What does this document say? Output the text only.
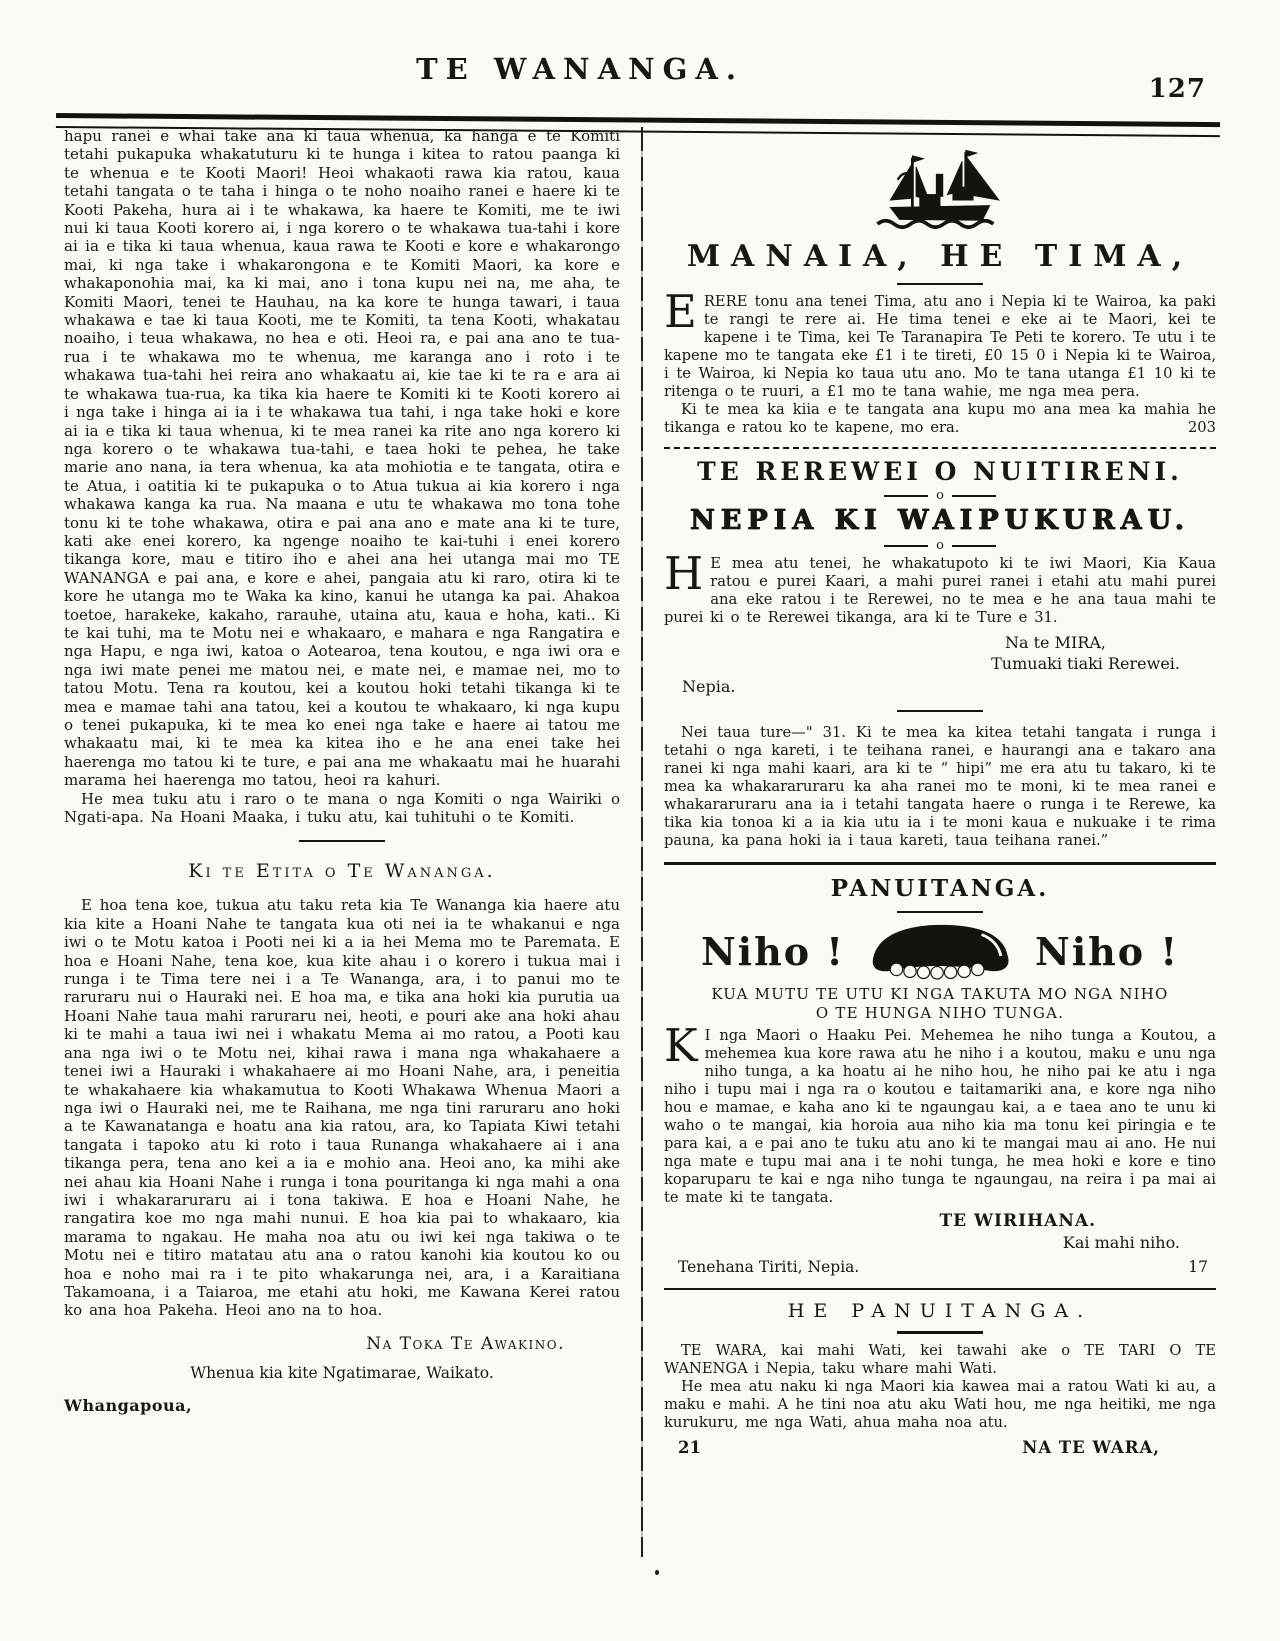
TE WANANGA.
127

hapu ranei e whai take ana ki taua whenua, ka hanga e te Komiti tetahi pukapuka whakatuturu ki te hunga i kitea to ratou paanga ki te whenua e te Kooti Maori! Heoi whakaoti rawa kia ratou, kaua tetahi tangata o te taha i hinga o te noho noaiho ranei e haere ki te Kooti Pakeha, hura ai i te whakawa, ka haere te Komiti, me te iwi nui ki taua Kooti korero ai, i nga korero o te whakawa tua-tahi i kore ai ia e tika ki taua whenua, kaua rawa te Kooti e kore e whakarongo mai, ki nga take i whakarongona e te Komiti Maori, ka kore e whakaponohia mai, ka ki mai, ano i tona kupu nei na, me aha, te Komiti Maori, tenei te Hauhau, na ka kore te hunga tawari, i taua whakawa e tae ki taua Kooti, me te Komiti, ta tena Kooti, whakatau noaiho, i teua whakawa, no hea e oti. Heoi ra, e pai ana ano te tua-rua i te whakawa mo te whenua, me karanga ano i roto i te whakawa tua-tahi hei reira ano whakaatu ai, kie tae ki te ra e ara ai te whakawa tua-rua, ka tika kia haere te Komiti ki te Kooti korero ai i nga take i hinga ai ia i te whakawa tua tahi, i nga take hoki e kore ai ia e tika ki taua whenua, ki te mea ranei ka rite ano nga korero ki nga korero o te whakawa tua-tahi, e taea hoki te pehea, he take marie ano nana, ia tera whenua, ka ata mohiotia e te tangata, otira e te Atua, i oatitia ki te pukapuka o to Atua tukua ai kia korero i nga whakawa kanga ka rua. Na maana e utu te whakawa mo tona tohe tonu ki te tohe whakawa, otira e pai ana ano e mate ana ki te ture, kati ake enei korero, ka ngenge noaiho te kai-tuhi i enei korero tikanga kore, mau e titiro iho e ahei ana hei utanga mai mo TE WANANGA e pai ana, e kore e ahei, pangaia atu ki raro, otira ki te kore he utanga mo te Waka ka kino, kanui he utanga ka pai. Ahakoa toetoe, harakeke, kakaho, rarauhe, utaina atu, kaua e hoha, kati.. Ki te kai tuhi, ma te Motu nei e whakaaro, e mahara e nga Rangatira e nga Hapu, e nga iwi, katoa o Aotearoa, tena koutou, e nga iwi ora e nga iwi mate penei me matou nei, e mate nei, e mamae nei, mo to tatou Motu. Tena ra koutou, kei a koutou hoki tetahi tikanga ki te mea e mamae tahi ana tatou, kei a koutou te whakaaro, ki nga kupu o tenei pukapuka, ki te mea ko enei nga take e haere ai tatou me whakaatu mai, ki te mea ka kitea iho e he ana enei take hei haerenga mo tatou ki te ture, e pai ana me whakaatu mai he huarahi marama hei haerenga mo tatou, heoi ra kahuri.

He mea tuku atu i raro o te mana o nga Komiti o nga Wairiki o Ngati-apa. Na Hoani Maaka, i tuku atu, kai tuhituhi o te Komiti.

Ki te Etita o Te Wananga.

E hoa tena koe, tukua atu taku reta kia Te Wananga kia haere atu kia kite a Hoani Nahe te tangata kua oti nei ia te whakanui e nga iwi o te Motu katoa i Pooti nei ki a ia hei Mema mo te Paremata. E hoa e Hoani Nahe, tena koe, kua kite ahau i o korero i tukua mai i runga i te Tima tere nei i a Te Wananga, ara, i to panui mo te raruraru nui o Hauraki nei. E hoa ma, e tika ana hoki kia purutia ua Hoani Nahe taua mahi raruraru nei, heoti, e pouri ake ana hoki ahau ki te mahi a taua iwi nei i whakatu Mema ai mo ratou, a Pooti kau ana nga iwi o te Motu nei, kihai rawa i mana nga whakahaere a tenei iwi a Hauraki i whakahaere ai mo Hoani Nahe, ara, i peneitia te whakahaere kia whakamutua to Kooti Whakawa Whenua Maori a nga iwi o Hauraki nei, me te Raihana, me nga tini raruraru ano hoki a te Kawanatanga e hoatu ana kia ratou, ara, ko Tapiata Kiwi tetahi tangata i tapoko atu ki roto i taua Runanga whakahaere ai i ana tikanga pera, tena ano kei a ia e mohio ana. Heoi ano, ka mihi ake nei ahau kia Hoani Nahe i runga i tona pouritanga ki nga mahi a ona iwi i whakararuraru ai i tona takiwa. E hoa e Hoani Nahe, he rangatira koe mo nga mahi nunui. E hoa kia pai to whakaaro, kia marama to ngakau. He maha noa atu ou iwi kei nga takiwa o te Motu nei e titiro matatau atu ana o ratou kanohi kia koutou ko ou hoa e noho mai ra i te pito whakarunga nei, ara, i a Karaitiana Takamoana, i a Taiaroa, me etahi atu hoki, me Kawana Kerei ratou ko ana hoa Pakeha. Heoi ano na to hoa.

Na Toka Te Awakino.

Whenua kia kite Ngatimarae, Waikato.

Whangapoua,

MANAIA, HE TIMA,

ERERE tonu ana tenei Tima, atu ano i Nepia ki te Wairoa, ka paki te rangi te rere ai. He tima tenei e eke ai te Maori, kei te kapene i te Tima, kei Te Taranapira Te Peti te korero. Te utu i te kapene mo te tangata eke £1 i te tireti, £0 15 0 i Nepia ki te Wairoa, i te Wairoa, ki Nepia ko taua utu ano. Mo te tana utanga £1 10 ki te ritenga o te ruuri, a £1 mo te tana wahie, me nga mea pera.

Ki te mea ka kiia e te tangata ana kupu mo ana mea ka mahia he tikanga e ratou ko te kapene, mo era.	203

TE REREWEI O NUITIRENI.
o
NEPIA KI WAIPUKURAU.
o

H E mea atu tenei, he whakatupoto ki te iwi Maori, Kia Kaua ratou e purei Kaari, a mahi purei ranei i etahi atu mahi purei ana eke ratou i te Rerewei, no te mea e he ana taua mahi te purei ki o te Rerewei tikanga, ara ki te Ture e 31.

Na te MIRA,

Tumuaki tiaki Rerewei.

Nepia.

Nei taua ture—" 31. Ki te mea ka kitea tetahi tangata i runga i tetahi o nga kareti, i te teihana ranei, e haurangi ana e takaro ana ranei ki nga mahi kaari, ara ki te “ hipi” me era atu tu takaro, ki te mea ka whakararuraru ka aha ranei mo te moni, ki te mea ranei e whakararuraru ana ia i tetahi tangata haere o runga i te Rerewe, ka tika kia tonoa ki a ia kia utu ia i te moni kaua e nukuake i te rima pauna, ka pana hoki ia i taua kareti, taua teihana ranei.”

PANUITANGA.
Niho !	Niho !
KUA MUTU TE UTU KI NGA TAKUTA MO NGA NIHO
O TE HUNGA NIHO TUNGA.

K I nga Maori o Haaku Pei. Mehemea he niho tunga a Koutou, a mehemea kua kore rawa atu he niho i a koutou, maku e unu nga niho tunga, a ka hoatu ai he niho hou, he niho pai ke atu i nga niho i tupu mai i nga ra o koutou e taitamariki ana, e kore nga niho hou e mamae, e kaha ano ki te ngaungau kai, a e taea ano te unu ki waho o te mangai, kia horoia aua niho kia ma tonu kei piringia e te para kai, a e pai ano te tuku atu ano ki te mangai mau ai ano. He nui nga mate e tupu mai ana i te nohi tunga, he mea hoki e kore e tino koparuparu te kai e nga niho tunga te ngaungau, na reira i pa mai ai te mate ki te tangata.

TE WIRIHANA.

Kai mahi niho.

Tenehana Tiriti, Nepia.	17
HE PANUITANGA.

TE WARA, kai mahi Wati, kei tawahi ake o TE TARI O TE WANENGA i Nepia, taku whare mahi Wati.

He mea atu naku ki nga Maori kia kawea mai a ratou Wati ki au, a maku e mahi. A he tini noa atu aku Wati hou, me nga heitiki, me nga kurukuru, me nga Wati, ahua maha noa atu.

21	NA TE WARA,
